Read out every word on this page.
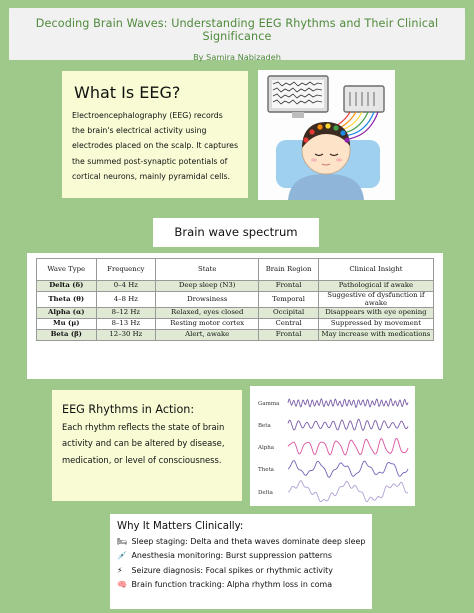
Decoding Brain Waves: Understanding EEG Rhythms and Their Clinical Significance
By Samira Nabizadeh
What Is EEG?
Electroencephalography (EEG) records the brain's electrical activity using electrodes placed on the scalp. It captures the summed post-synaptic potentials of cortical neurons, mainly pyramidal cells.
Brain wave spectrum
Wave Type	Frequency	State	Brain Region	Clinical Insight
Delta (δ)	0–4 Hz	Deep sleep (N3)	Frontal	Pathological if awake
Theta (θ)	4–8 Hz	Drowsiness	Temporal	Suggestive of dysfunction if awake
Alpha (α)	8–12 Hz	Relaxed, eyes closed	Occipital	Disappears with eye opening
Mu (μ)	8–13 Hz	Resting motor cortex	Central	Suppressed by movement
Beta (β)	12–30 Hz	Alert, awake	Frontal	May increase with medications
EEG Rhythms in Action:
Each rhythm reflects the state of brain activity and can be altered by disease, medication, or level of consciousness.
Gamma
Beta
Alpha
Theta
Delta
Why It Matters Clinically:
🛏 Sleep staging: Delta and theta waves dominate deep sleep
💉 Anesthesia monitoring: Burst suppression patterns
⚡ Seizure diagnosis: Focal spikes or rhythmic activity
🧠 Brain function tracking: Alpha rhythm loss in coma
